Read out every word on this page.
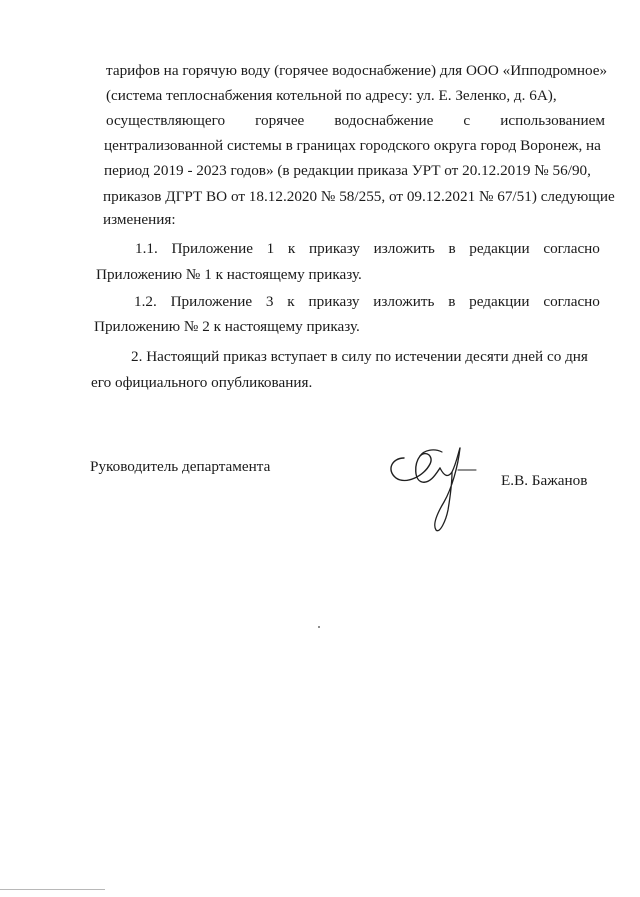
тарифов на горячую воду (горячее водоснабжение) для ООО «Ипподромное»
(система теплоснабжения котельной по адресу: ул. Е. Зеленко, д. 6А),
осуществляющего горячее водоснабжение с использованием
централизованной системы в границах городского округа город Воронеж, на
период 2019 - 2023 годов» (в редакции приказа УРТ от 20.12.2019 № 56/90,
приказов ДГРТ ВО от 18.12.2020 № 58/255, от 09.12.2021 № 67/51) следующие
изменения:
1.1. Приложение 1 к приказу изложить в редакции согласно
Приложению № 1 к настоящему приказу.
1.2. Приложение 3 к приказу изложить в редакции согласно
Приложению № 2 к настоящему приказу.
2. Настоящий приказ вступает в силу по истечении десяти дней со дня
его официального опубликования.
Руководитель департамента
Е.В. Бажанов
